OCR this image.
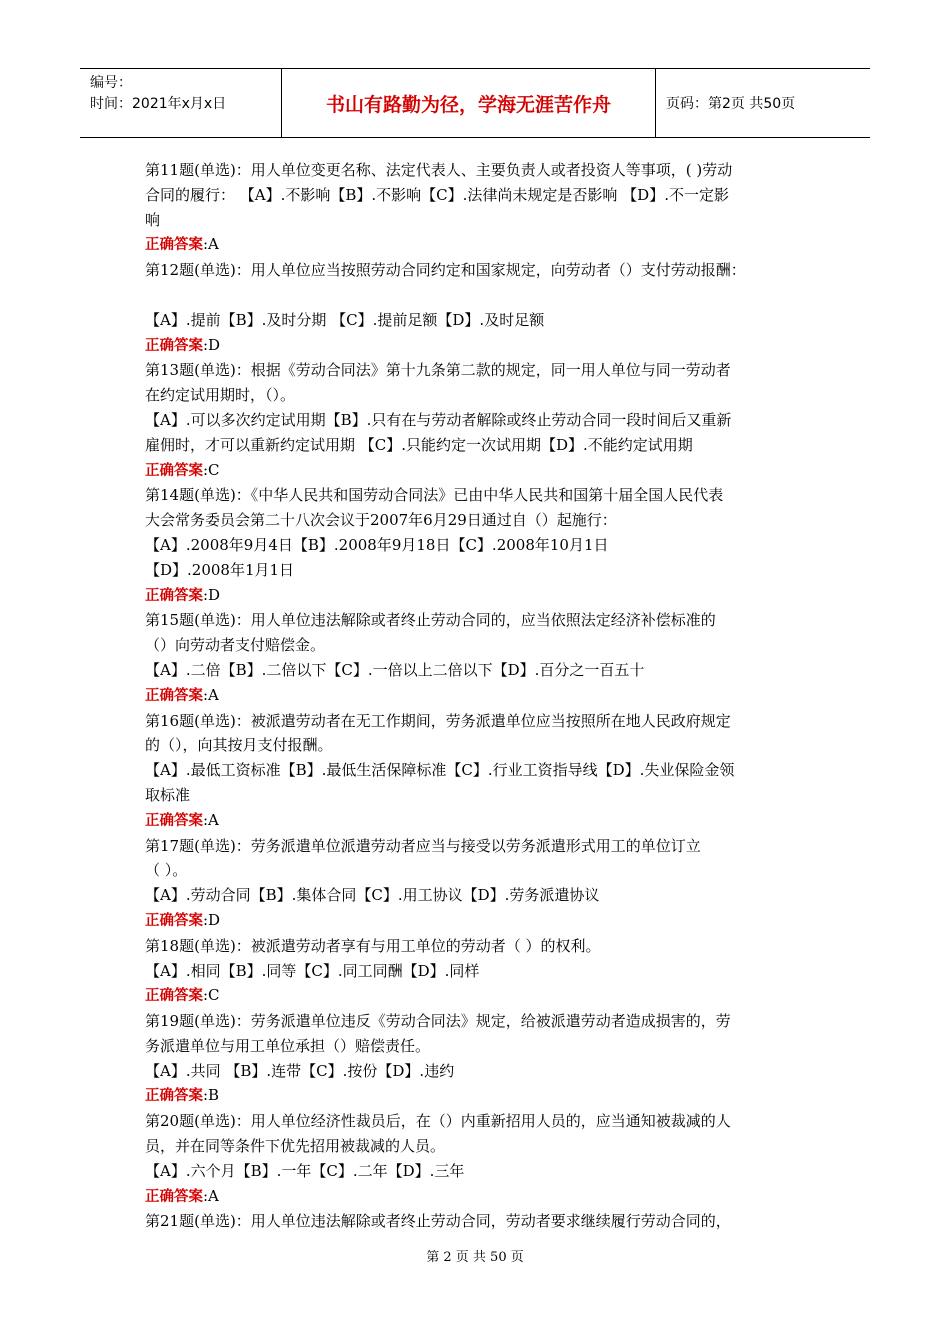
编号：
时间：2021年x月x日	书山有路勤为径，学海无涯苦作舟	页码：第2页 共50页
第11题(单选)：用人单位变更名称、法定代表人、主要负责人或者投资人等事项，( )劳动
合同的履行： 【A】.不影响【B】.不影响【C】.法律尚未规定是否影响 【D】.不一定影
响
正确答案:A
第12题(单选)：用人单位应当按照劳动合同约定和国家规定，向劳动者（）支付劳动报酬：
【A】.提前【B】.及时分期 【C】.提前足额【D】.及时足额
正确答案:D
第13题(单选)：根据《劳动合同法》第十九条第二款的规定，同一用人单位与同一劳动者
在约定试用期时，（）。
【A】.可以多次约定试用期【B】.只有在与劳动者解除或终止劳动合同一段时间后又重新
雇佣时，才可以重新约定试用期 【C】.只能约定一次试用期【D】.不能约定试用期
正确答案:C
第14题(单选)：《中华人民共和国劳动合同法》已由中华人民共和国第十届全国人民代表
大会常务委员会第二十八次会议于2007年6月29日通过自（）起施行：
【A】.2008年9月4日【B】.2008年9月18日【C】.2008年10月1日
【D】.2008年1月1日
正确答案:D
第15题(单选)：用人单位违法解除或者终止劳动合同的，应当依照法定经济补偿标准的
（）向劳动者支付赔偿金。
【A】.二倍【B】.二倍以下【C】.一倍以上二倍以下【D】.百分之一百五十
正确答案:A
第16题(单选)：被派遣劳动者在无工作期间，劳务派遣单位应当按照所在地人民政府规定
的（），向其按月支付报酬。
【A】.最低工资标准【B】.最低生活保障标准【C】.行业工资指导线【D】.失业保险金领
取标准
正确答案:A
第17题(单选)：劳务派遣单位派遣劳动者应当与接受以劳务派遣形式用工的单位订立
（ ）。
【A】.劳动合同【B】.集体合同【C】.用工协议【D】.劳务派遣协议
正确答案:D
第18题(单选)：被派遣劳动者享有与用工单位的劳动者（ ）的权利。
【A】.相同【B】.同等【C】.同工同酬【D】.同样
正确答案:C
第19题(单选)：劳务派遣单位违反《劳动合同法》规定，给被派遣劳动者造成损害的，劳
务派遣单位与用工单位承担（）赔偿责任。
【A】.共同 【B】.连带【C】.按份【D】.违约
正确答案:B
第20题(单选)：用人单位经济性裁员后，在（）内重新招用人员的，应当通知被裁减的人
员，并在同等条件下优先招用被裁减的人员。
【A】.六个月【B】.一年【C】.二年【D】.三年
正确答案:A
第21题(单选)：用人单位违法解除或者终止劳动合同，劳动者要求继续履行劳动合同的，
第 2 页 共 50 页
